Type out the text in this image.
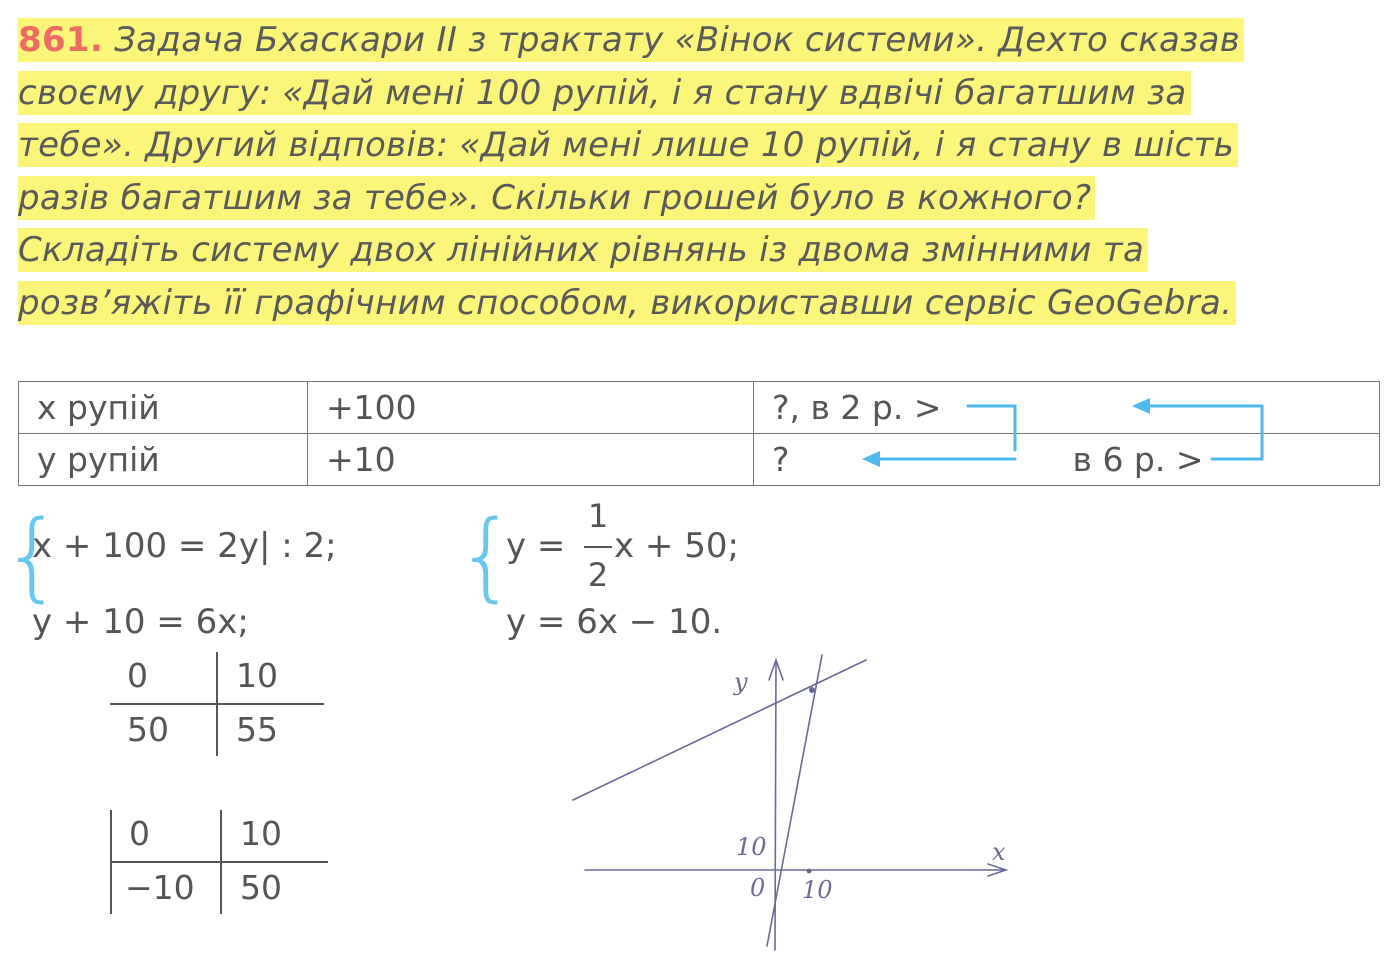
861. Задача Бхаскари II з трактату «Вінок системи». Дехто сказав
своєму другу: «Дай мені 100 рупій, і я стану вдвічі багатшим за
тебе». Другий відповів: «Дай мені лише 10 рупій, і я стану в шість
разів багатшим за тебе». Скільки грошей було в кожного?
Складіть систему двох лінійних рівнянь із двома змінними та
розв’яжіть її графічним способом, використавши сервіс GeoGebra.
x рупій	+100	?, в 2 р. >
y рупій	+10	? в 6 р. >
{
x + 100 = 2y| : 2;
y + 10 = 6x;
{
y =
1
2
x + 50;
y = 6x − 10.
0	10
50 55
0	10
−10 50
y
x
0 10
10
